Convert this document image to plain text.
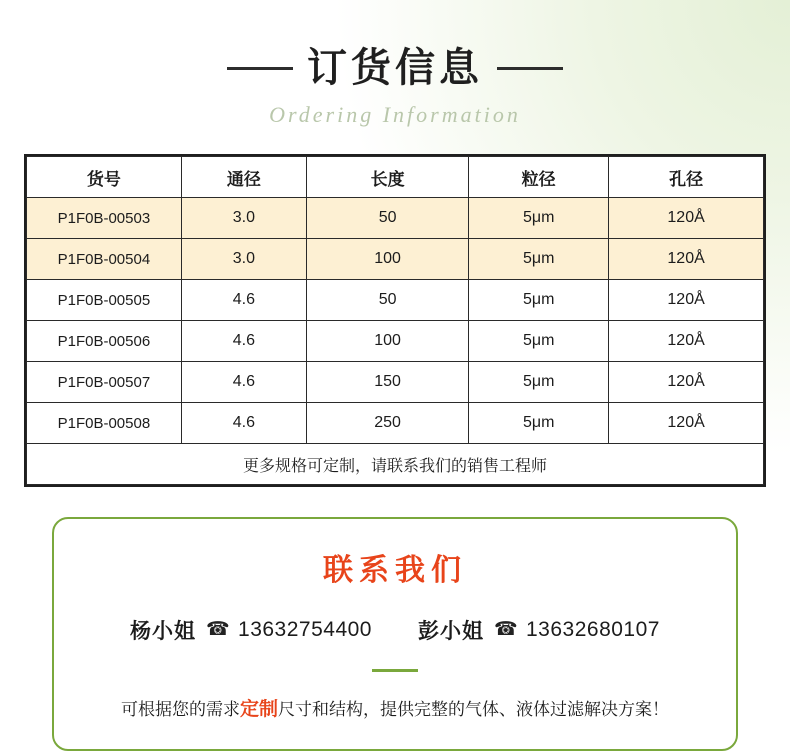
订货信息
Ordering Information
货号	通径	长度	粒径	孔径
P1F0B-00503	3.0	50	5μm	120Å
P1F0B-00504	3.0	100	5μm	120Å
P1F0B-00505	4.6	50	5μm	120Å
P1F0B-00506	4.6	100	5μm	120Å
P1F0B-00507	4.6	150	5μm	120Å
P1F0B-00508	4.6	250	5μm	120Å
更多规格可定制，请联系我们的销售工程师				
联系我们
杨小姐 ☎ 13632754400 彭小姐 ☎ 13632680107
可根据您的需求定制尺寸和结构，提供完整的气体、液体过滤解决方案！
